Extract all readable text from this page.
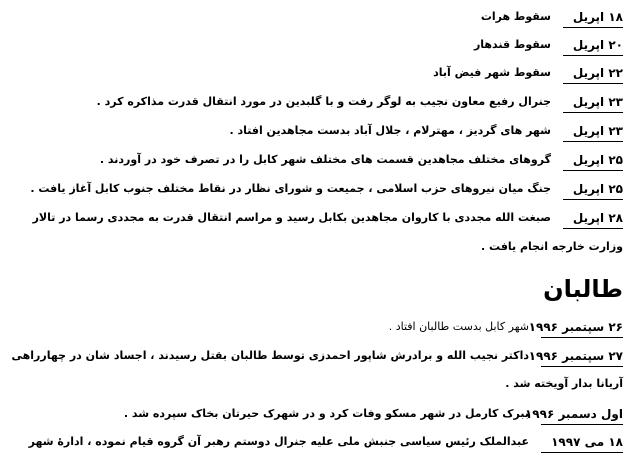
۱۸ اپریل
سقوط هرات
۲۰ اپریل
سقوط قندهار
۲۲ اپریل
سقوط شهر فیض آباد
۲۳ اپریل
جنرال رفیع معاون نجیب به لوگر رفت و با گلبدین در مورد انتقال قدرت مذاکره کرد .
۲۳ اپریل
شهر های گردیز ، مهترلام ، جلال آباد بدست مجاهدین افتاد .
۲۵ اپریل
گروهای مختلف مجاهدین قسمت های مختلف شهر کابل را در تصرف خود در آوردند .
۲۵ اپریل
جنگ میان نیروهای حزب اسلامی ، جمیعت و شورای نظار در نقاط مختلف جنوب کابل آغاز یافت .
۲۸ اپریل
صبغت الله مجددی با کاروان مجاهدین بکابل رسید و مراسم انتقال قدرت به مجددی رسما در تالار
وزارت خارجه انجام یافت .
طالبان
۲۶ سپتمبر ۱۹۹۶
شهر کابل بدست طالبان افتاد .
۲۷ سپتمبر ۱۹۹۶
داکتر نجیب الله و برادرش شاپور احمدزی توسط طالبان بقتل رسیدند ، اجساد شان در چهارراهی
آریانا بدار آویخته شد .
اول دسمبر ۱۹۹۶
ببرک کارمل در شهر مسکو وفات کرد و در شهرک حیرتان بخاک سپرده شد .
۱۸ می ۱۹۹۷
عبدالملک رئیس سیاسی جنبش ملی علیه جنرال دوستم رهبر آن گروه قیام نموده ، ادارهٔ شهر
